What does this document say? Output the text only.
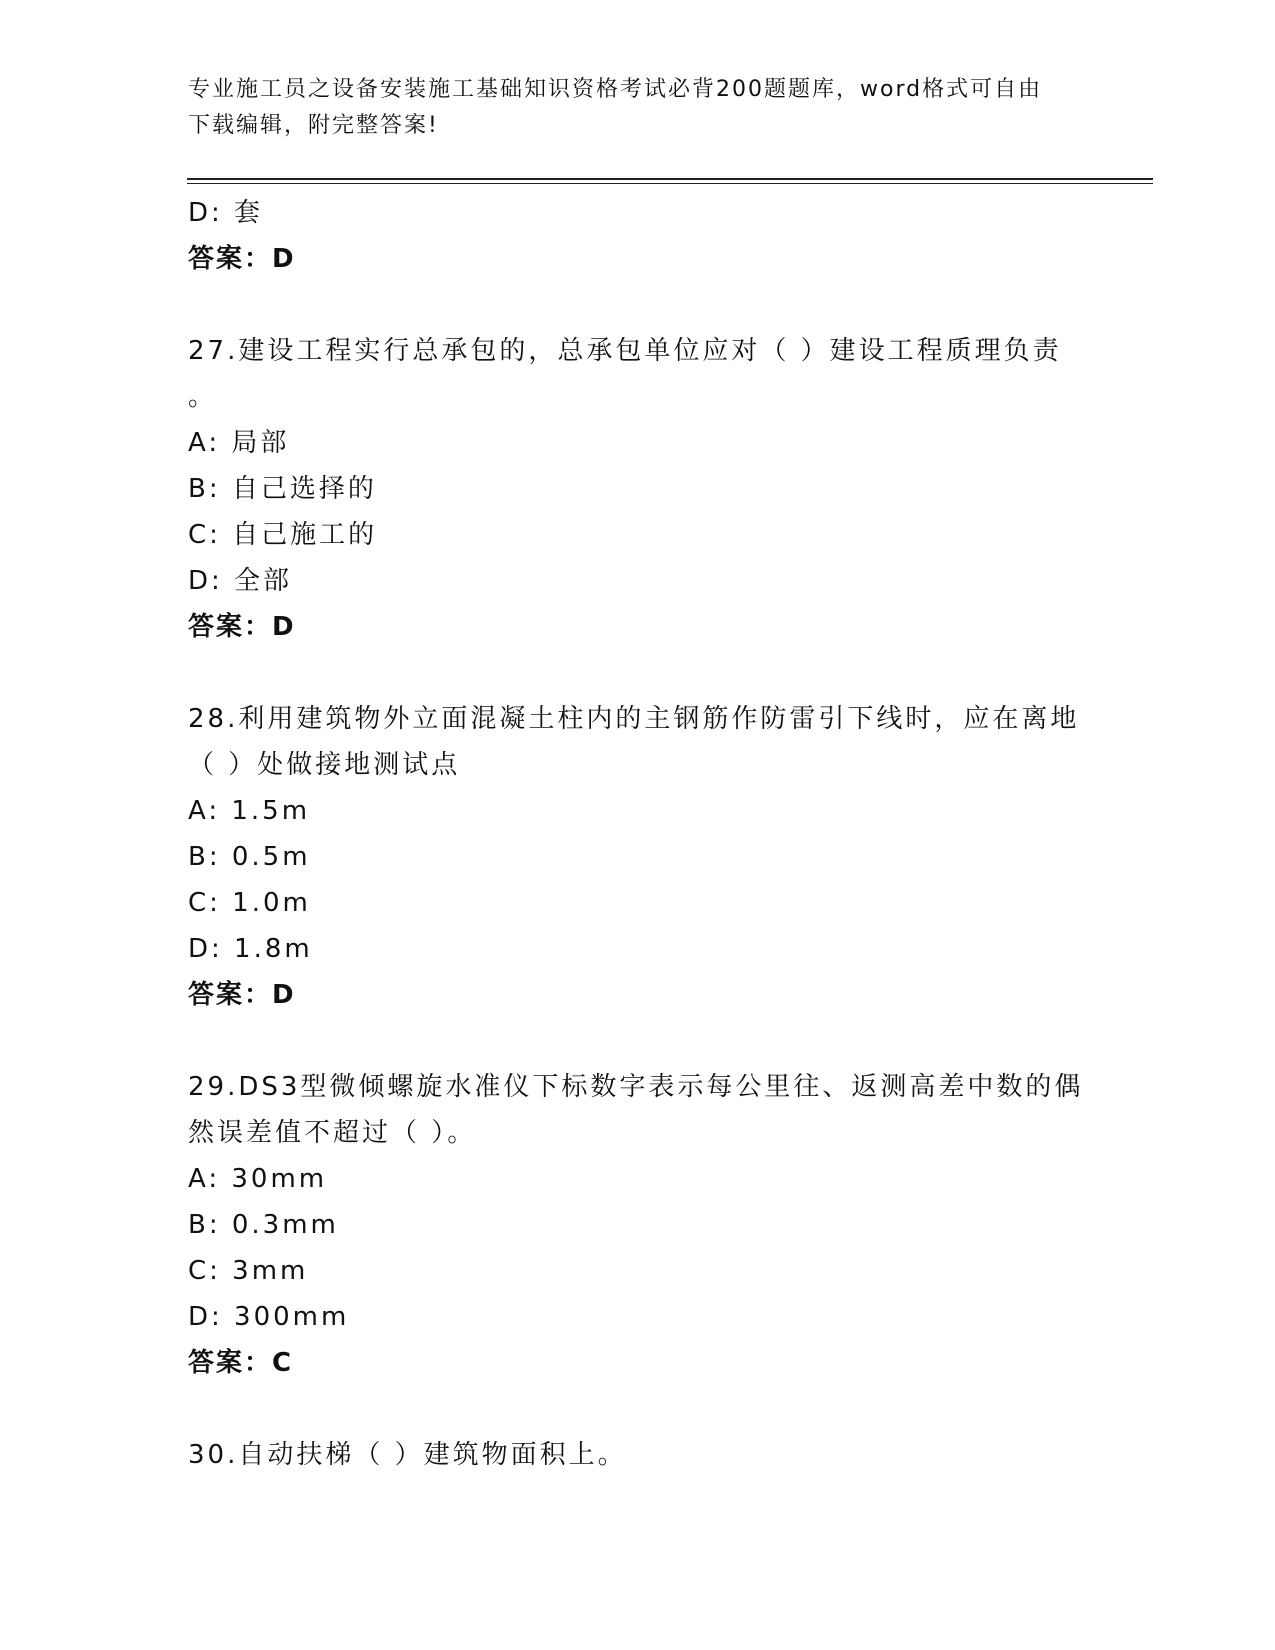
专业施工员之设备安装施工基础知识资格考试必背200题题库，word格式可自由
下载编辑，附完整答案!
D: 套
答案：D
27.建设工程实行总承包的，总承包单位应对（ ）建设工程质理负责
。
A: 局部
B: 自己选择的
C: 自己施工的
D: 全部
答案：D
28.利用建筑物外立面混凝土柱内的主钢筋作防雷引下线时，应在离地
（ ）处做接地测试点
A: 1.5m
B: 0.5m
C: 1.0m
D: 1.8m
答案：D
29.DS3型微倾螺旋水准仪下标数字表示每公里往、返测高差中数的偶
然误差值不超过（ ）。
A: 30mm
B: 0.3mm
C: 3mm
D: 300mm
答案：C
30.自动扶梯（ ）建筑物面积上。
